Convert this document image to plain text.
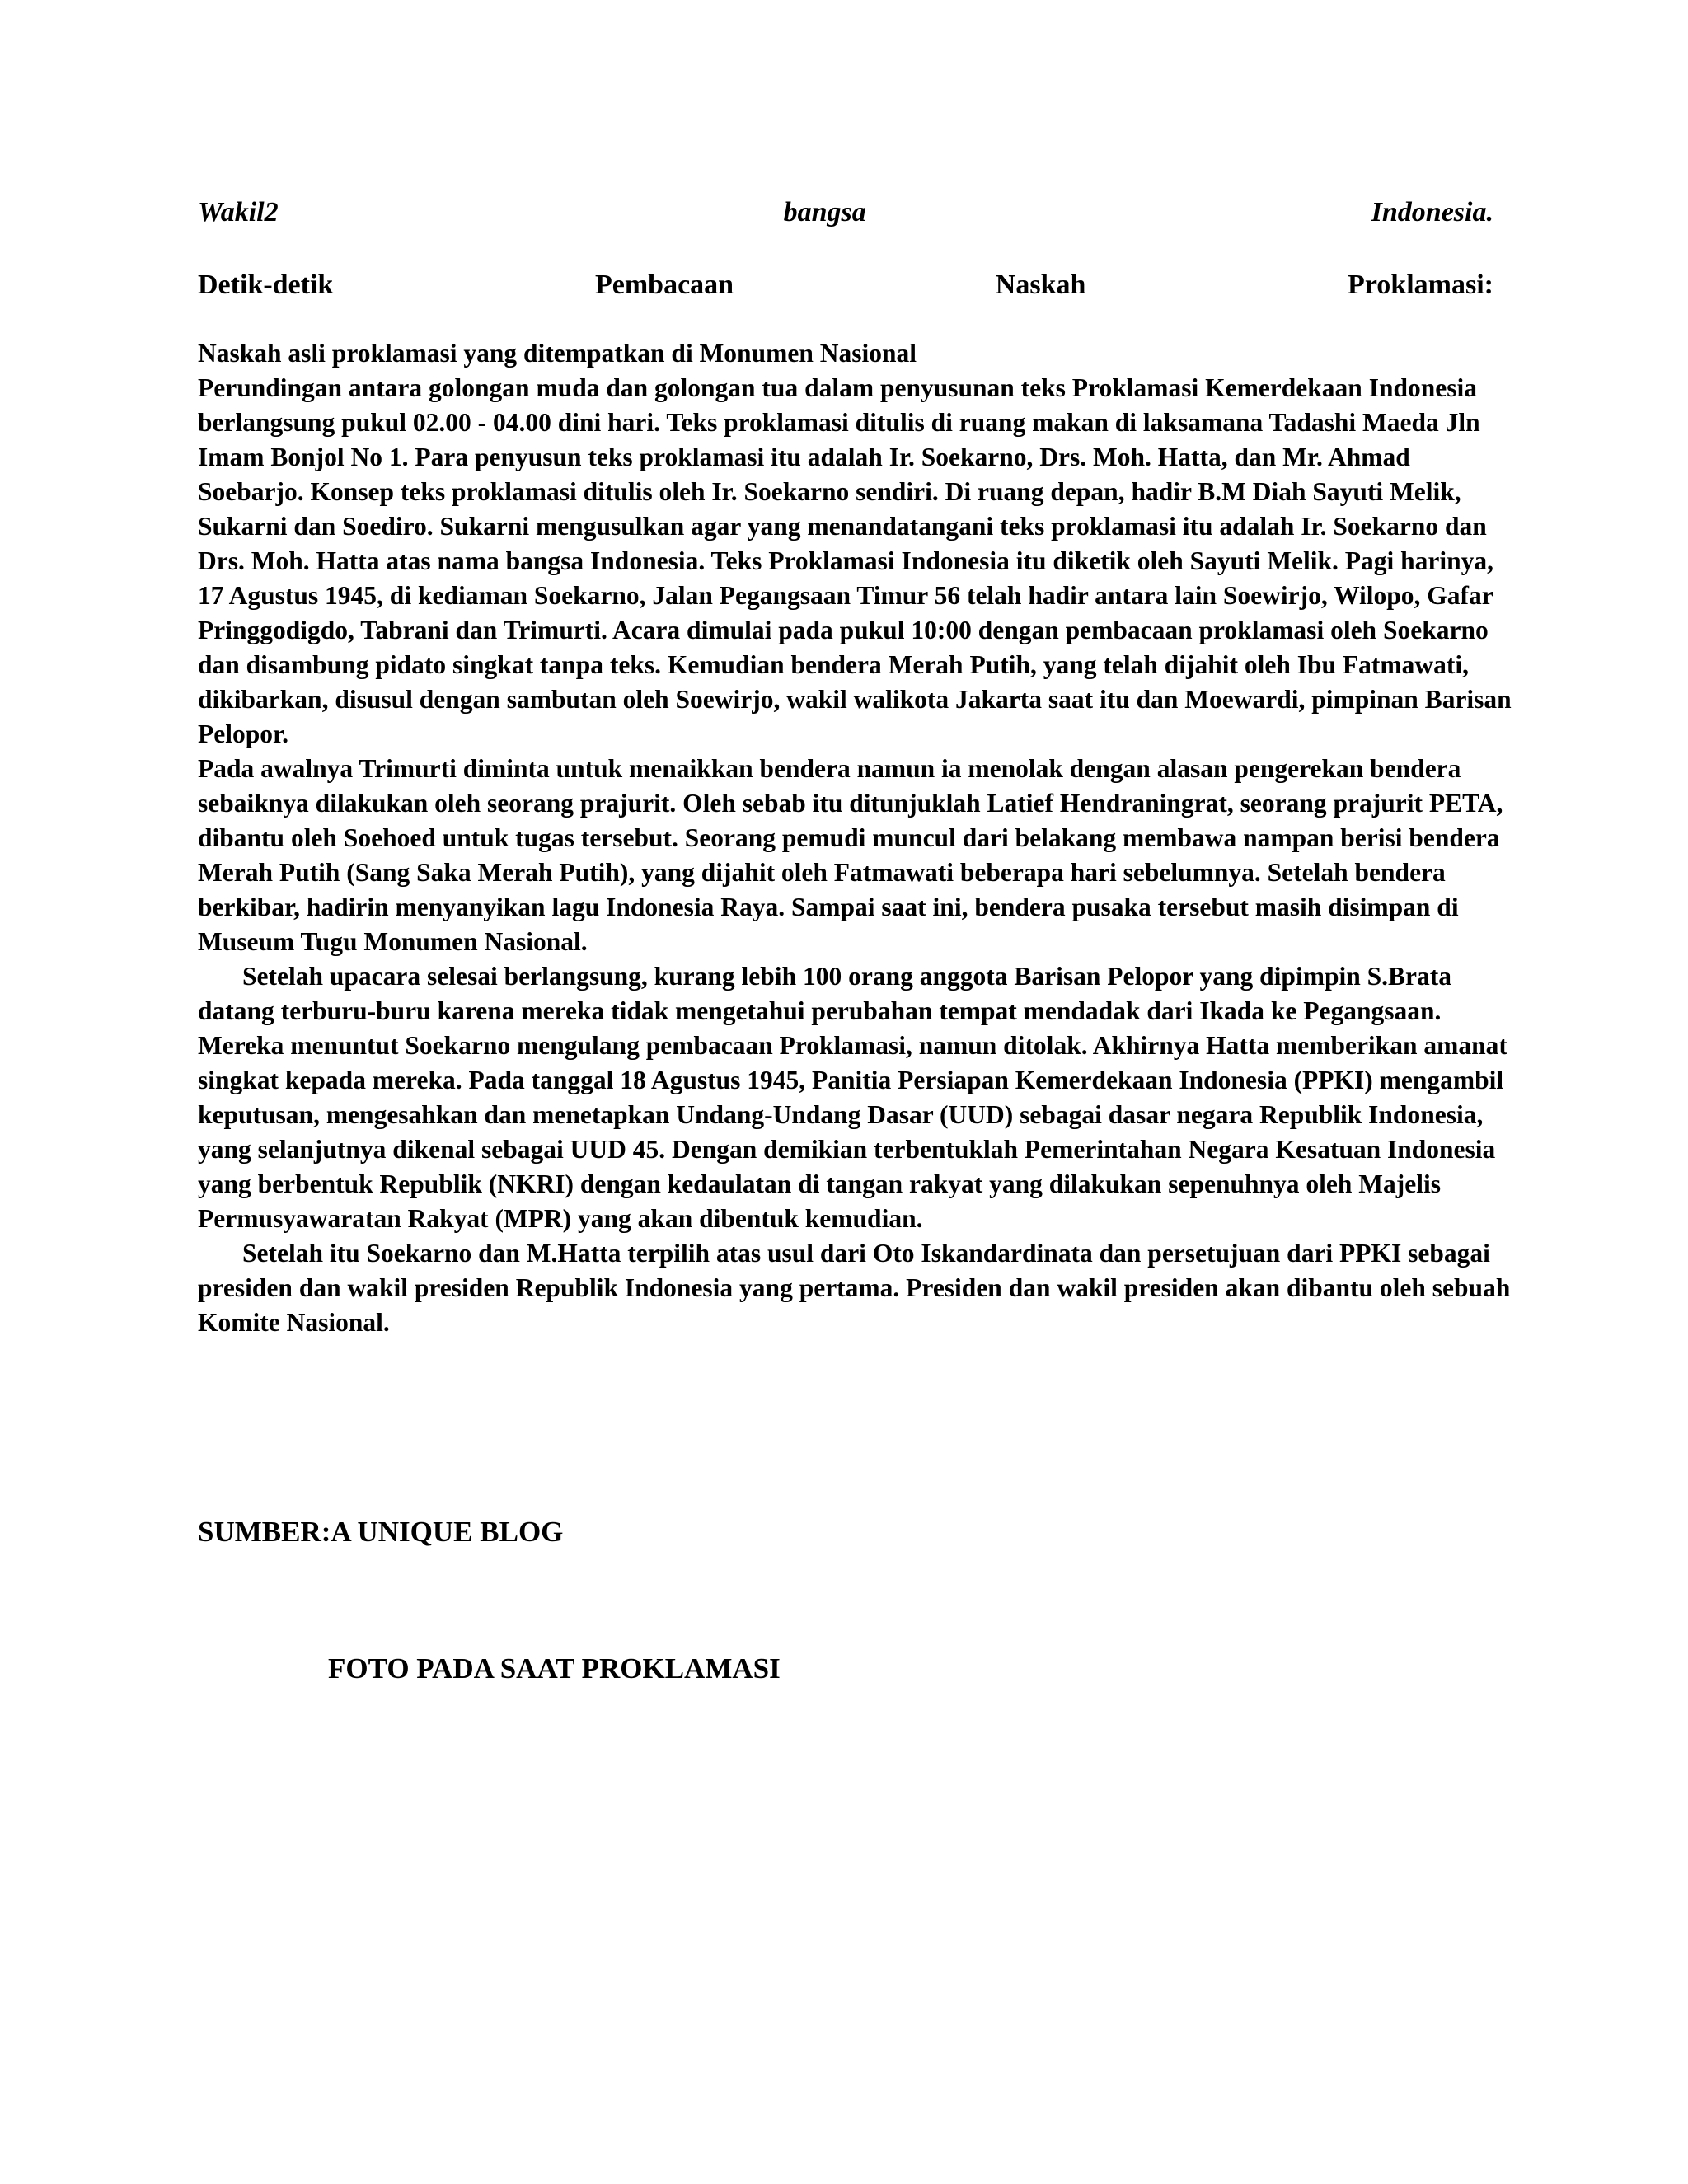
Wakil2	bangsa	Indonesia.
Detik-detik	Pembacaan	Naskah	Proklamasi:

Naskah asli proklamasi yang ditempatkan di Monumen Nasional

Perundingan antara golongan muda dan golongan tua dalam penyusunan teks Proklamasi Kemerdekaan Indonesia berlangsung pukul 02.00 - 04.00 dini hari. Teks proklamasi ditulis di ruang makan di laksamana Tadashi Maeda Jln Imam Bonjol No 1. Para penyusun teks proklamasi itu adalah Ir. Soekarno, Drs. Moh. Hatta, dan Mr. Ahmad Soebarjo. Konsep teks proklamasi ditulis oleh Ir. Soekarno sendiri. Di ruang depan, hadir B.M Diah Sayuti Melik, Sukarni dan Soediro. Sukarni mengusulkan agar yang menandatangani teks proklamasi itu adalah Ir. Soekarno dan Drs. Moh. Hatta atas nama bangsa Indonesia. Teks Proklamasi Indonesia itu diketik oleh Sayuti Melik. Pagi harinya, 17 Agustus 1945, di kediaman Soekarno, Jalan Pegangsaan Timur 56 telah hadir antara lain Soewirjo, Wilopo, Gafar Pringgodigdo, Tabrani dan Trimurti. Acara dimulai pada pukul 10:00 dengan pembacaan proklamasi oleh Soekarno dan disambung pidato singkat tanpa teks. Kemudian bendera Merah Putih, yang telah dijahit oleh Ibu Fatmawati, dikibarkan, disusul dengan sambutan oleh Soewirjo, wakil walikota Jakarta saat itu dan Moewardi, pimpinan Barisan Pelopor.

Pada awalnya Trimurti diminta untuk menaikkan bendera namun ia menolak dengan alasan pengerekan bendera sebaiknya dilakukan oleh seorang prajurit. Oleh sebab itu ditunjuklah Latief Hendraningrat, seorang prajurit PETA, dibantu oleh Soehoed untuk tugas tersebut. Seorang pemudi muncul dari belakang membawa nampan berisi bendera Merah Putih (Sang Saka Merah Putih), yang dijahit oleh Fatmawati beberapa hari sebelumnya. Setelah bendera berkibar, hadirin menyanyikan lagu Indonesia Raya. Sampai saat ini, bendera pusaka tersebut masih disimpan di Museum Tugu Monumen Nasional.

Setelah upacara selesai berlangsung, kurang lebih 100 orang anggota Barisan Pelopor yang dipimpin S.Brata datang terburu-buru karena mereka tidak mengetahui perubahan tempat mendadak dari Ikada ke Pegangsaan. Mereka menuntut Soekarno mengulang pembacaan Proklamasi, namun ditolak. Akhirnya Hatta memberikan amanat singkat kepada mereka. Pada tanggal 18 Agustus 1945, Panitia Persiapan Kemerdekaan Indonesia (PPKI) mengambil keputusan, mengesahkan dan menetapkan Undang-Undang Dasar (UUD) sebagai dasar negara Republik Indonesia, yang selanjutnya dikenal sebagai UUD 45. Dengan demikian terbentuklah Pemerintahan Negara Kesatuan Indonesia yang berbentuk Republik (NKRI) dengan kedaulatan di tangan rakyat yang dilakukan sepenuhnya oleh Majelis Permusyawaratan Rakyat (MPR) yang akan dibentuk kemudian.

Setelah itu Soekarno dan M.Hatta terpilih atas usul dari Oto Iskandardinata dan persetujuan dari PPKI sebagai presiden dan wakil presiden Republik Indonesia yang pertama. Presiden dan wakil presiden akan dibantu oleh sebuah Komite Nasional.

SUMBER:A UNIQUE BLOG
FOTO PADA SAAT PROKLAMASI
